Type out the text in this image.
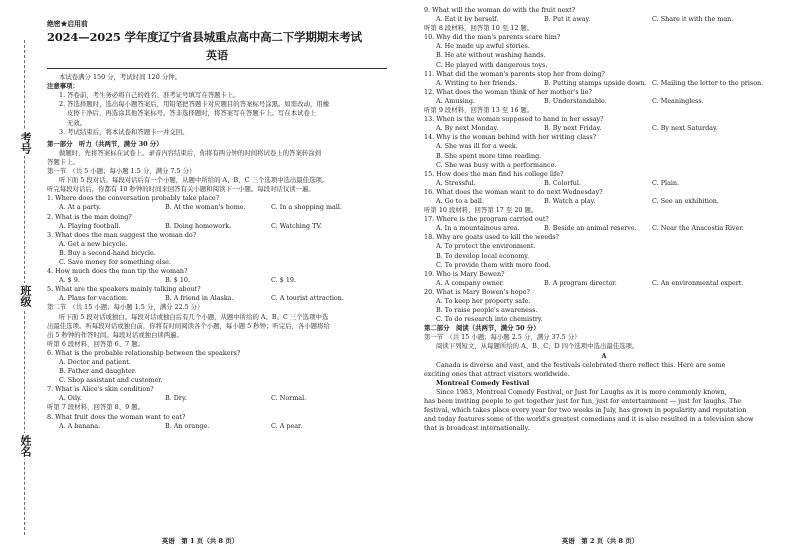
考号
班级
姓名
绝密★启用前
2024—2025 学年度辽宁省县城重点高中高二下学期期末考试
英语
本试卷满分 150 分，考试时间 120 分钟。
注意事项：
1. 答卷前，考生务必将自己的姓名、准考证号填写在答题卡上。
2. 答选择题时，选出每小题答案后，用铅笔把答题卡对应题目的答案标号涂黑。如需改动，用橡
皮擦干净后，再选涂其他答案标号。答非选择题时，将答案写在答题卡上。写在本试卷上
无效。
3. 考试结束后，将本试卷和答题卡一并交回。
第一部分　听力（共两节，满分 30 分）
做题时，先将答案标在试卷上。录音内容结束后，你将有两分钟的时间将试卷上的答案转涂到
答题卡上。
第一节　（共 5 小题；每小题 1.5 分，满分 7.5 分）
听下面 5 段对话。每段对话后有一个小题，从题中所给的 A、B、C 三个选项中选出最佳选项。
听完每段对话后，你都有 10 秒钟的时间来回答有关小题和阅读下一小题。每段对话仅读一遍。
1. Where does the conversation probably take place?
A. At a party.	B. At the woman's home.	C. In a shopping mall.
2. What is the man doing?
A. Playing football.	B. Doing homework.	C. Watching TV.
3. What does the man suggest the woman do?
A. Get a new bicycle.
B. Buy a second-hand bicycle.
C. Save money for something else.
4. How much does the man tip the woman?
A. $ 9.	B. $ 10.	C. $ 19.
5. What are the speakers mainly talking about?
A. Plans for vacation.	B. A friend in Alaska.	C. A tourist attraction.
第二节　（共 15 小题；每小题 1.5 分，满分 22.5 分）
听下面 5 段对话或独白。每段对话或独白后有几个小题，从题中所给的 A、B、C 三个选项中选
出最佳选项。听每段对话或独白前，你将有时间阅读各个小题，每小题 5 秒钟；听完后，各小题将给
出 5 秒钟的作答时间。每段对话或独白读两遍。
听第 6 段材料，回答第 6、7 题。
6. What is the probable relationship between the speakers?
A. Doctor and patient.
B. Father and daughter.
C. Shop assistant and customer.
7. What is Alice's skin condition?
A. Oily.	B. Dry.	C. Normal.
听第 7 段材料，回答第 8、9 题。
8. What fruit does the woman want to eat?
A. A banana.	B. An orange.	C. A pear.
英语　第 1 页（共 8 页）
9. What will the woman do with the fruit next?
A. Eat it by herself.	B. Put it away.	C. Share it with the man.
听第 8 段材料，回答第 10 至 12 题。
10. Why did the man's parents scare him?
A. He made up awful stories.
B. He ate without washing hands.
C. He played with dangerous toys.
11. What did the woman's parents stop her from doing?
A. Writing to her friends.	B. Putting stamps upside down. C. Mailing the letter to the prison.
12. What does the woman think of her mother's lie?
A. Amusing.	B. Understandable.	C. Meaningless.
听第 9 段材料，回答第 13 至 16 题。
13. When is the woman supposed to hand in her essay?
A. By next Monday.	B. By next Friday.	C. By next Saturday.
14. Why is the woman behind with her writing class?
A. She was ill for a week.
B. She spent more time reading.
C. She was busy with a performance.
15. How does the man find his college life?
A. Stressful.	B. Colorful.	C. Plain.
16. What does the woman want to do next Wednesday?
A. Go to a ball.	B. Watch a play.	C. See an exhibition.
听第 10 段材料，回答第 17 至 20 题。
17. Where is the program carried out?
A. In a mountainous area.	B. Beside an animal reserve.	C. Near the Anacostia River.
18. Why are goats used to kill the weeds?
A. To protect the environment.
B. To develop local economy.
C. To provide them with more food.
19. Who is Mary Bowen?
A. A company owner.	B. A program director.	C. An environmental expert.
20. What is Mary Bowen's hope?
A. To keep her property safe.
B. To raise people's awareness.
C. To do research into chemistry.
第二部分　阅读（共两节，满分 50 分）
第一节　（共 15 小题；每小题 2.5 分，满分 37.5 分）
阅读下列短文，从每题所给的 A、B、C、D 四个选项中选出最佳选项。
A
Canada is diverse and vast, and the festivals celebrated there reflect this. Here are some
exciting ones that attract visitors worldwide.
Montreal Comedy Festival
Since 1983, Montreal Comedy Festival, or Just for Laughs as it is more commonly known,
has been inviting people to get together just for fun, just for entertainment — just for laughs. The
festival, which takes place every year for two weeks in July, has grown in popularity and reputation
and today features some of the world's greatest comedians and it is also resulted in a television show
that is broadcast internationally.
英语　第 2 页（共 8 页）
